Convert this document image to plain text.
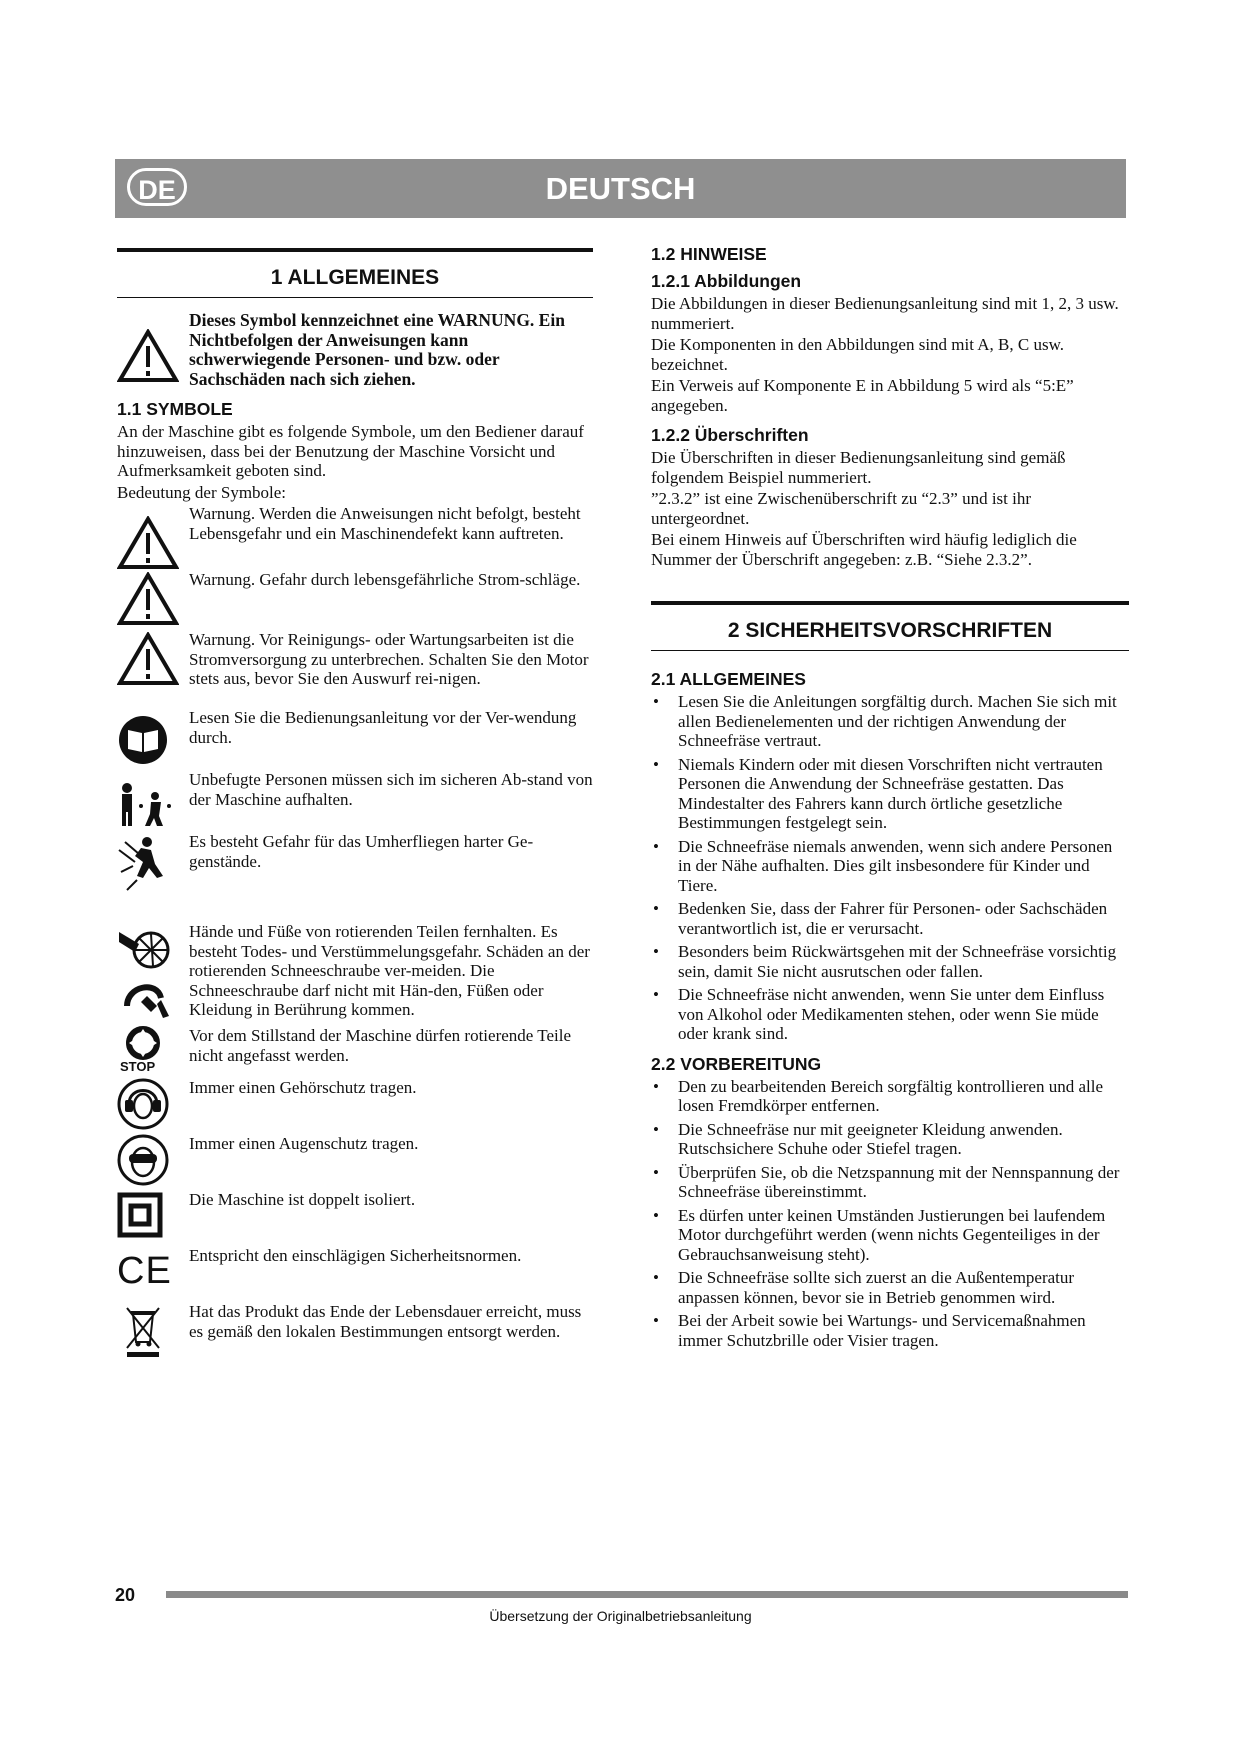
DE	DEUTSCH
1 ALLGEMEINES
Dieses Symbol kennzeichnet eine WARNUNG. Ein Nichtbefolgen der Anweisungen kann schwerwiegende Personen- und bzw. oder Sachschäden nach sich ziehen.
1.1 SYMBOLE
An der Maschine gibt es folgende Symbole, um den Bediener darauf hinzuweisen, dass bei der Benutzung der Maschine Vorsicht und Aufmerksamkeit geboten sind.
Bedeutung der Symbole:
Warnung. Werden die Anweisungen nicht befolgt, besteht Lebensgefahr und ein Maschinendefekt kann auftreten.
Warnung. Gefahr durch lebensgefährliche Strom-schläge.
Warnung. Vor Reinigungs- oder Wartungsarbeiten ist die Stromversorgung zu unterbrechen. Schalten Sie den Motor stets aus, bevor Sie den Auswurf rei-nigen.
Lesen Sie die Bedienungsanleitung vor der Ver-wendung durch.
Unbefugte Personen müssen sich im sicheren Ab-stand von der Maschine aufhalten.
Es besteht Gefahr für das Umherfliegen harter Ge-genstände.
Hände und Füße von rotierenden Teilen fernhalten. Es besteht Todes- und Verstümmelungsgefahr. Schäden an der rotierenden Schneeschraube ver-meiden. Die Schneeschraube darf nicht mit Hän-den, Füßen oder Kleidung in Berührung kommen.
STOP
Vor dem Stillstand der Maschine dürfen rotierende Teile nicht angefasst werden.
Immer einen Gehörschutz tragen.
Immer einen Augenschutz tragen.
Die Maschine ist doppelt isoliert.
CE Entspricht den einschlägigen Sicherheitsnormen.
Hat das Produkt das Ende der Lebensdauer erreicht, muss es gemäß den lokalen Bestimmungen entsorgt werden.
1.2 HINWEISE
1.2.1 Abbildungen
Die Abbildungen in dieser Bedienungsanleitung sind mit 1, 2, 3 usw. nummeriert.
Die Komponenten in den Abbildungen sind mit A, B, C usw. bezeichnet.
Ein Verweis auf Komponente E in Abbildung 5 wird als “5:E” angegeben.
1.2.2 Überschriften
Die Überschriften in dieser Bedienungsanleitung sind gemäß folgendem Beispiel nummeriert.
”2.3.2” ist eine Zwischenüberschrift zu “2.3” und ist ihr untergeordnet.
Bei einem Hinweis auf Überschriften wird häufig lediglich die Nummer der Überschrift angegeben: z.B. “Siehe 2.3.2”.
2 SICHERHEITSVORSCHRIFTEN
2.1 ALLGEMEINES
• Lesen Sie die Anleitungen sorgfältig durch. Machen Sie sich mit allen Bedienelementen und der richtigen Anwendung der Schneefräse vertraut.
• Niemals Kindern oder mit diesen Vorschriften nicht vertrauten Personen die Anwendung der Schneefräse gestatten. Das Mindestalter des Fahrers kann durch örtliche gesetzliche Bestimmungen festgelegt sein.
• Die Schneefräse niemals anwenden, wenn sich andere Personen in der Nähe aufhalten. Dies gilt insbesondere für Kinder und Tiere.
• Bedenken Sie, dass der Fahrer für Personen- oder Sachschäden verantwortlich ist, die er verursacht.
• Besonders beim Rückwärtsgehen mit der Schneefräse vorsichtig sein, damit Sie nicht ausrutschen oder fallen.
• Die Schneefräse nicht anwenden, wenn Sie unter dem Einfluss von Alkohol oder Medikamenten stehen, oder wenn Sie müde oder krank sind.
2.2 VORBEREITUNG
• Den zu bearbeitenden Bereich sorgfältig kontrollieren und alle losen Fremdkörper entfernen.
• Die Schneefräse nur mit geeigneter Kleidung anwenden. Rutschsichere Schuhe oder Stiefel tragen.
• Überprüfen Sie, ob die Netzspannung mit der Nennspannung der Schneefräse übereinstimmt.
• Es dürfen unter keinen Umständen Justierungen bei laufendem Motor durchgeführt werden (wenn nichts Gegenteiliges in der Gebrauchsanweisung steht).
• Die Schneefräse sollte sich zuerst an die Außentemperatur anpassen können, bevor sie in Betrieb genommen wird.
• Bei der Arbeit sowie bei Wartungs- und Servicemaßnahmen immer Schutzbrille oder Visier tragen.
20
Übersetzung der Originalbetriebsanleitung
